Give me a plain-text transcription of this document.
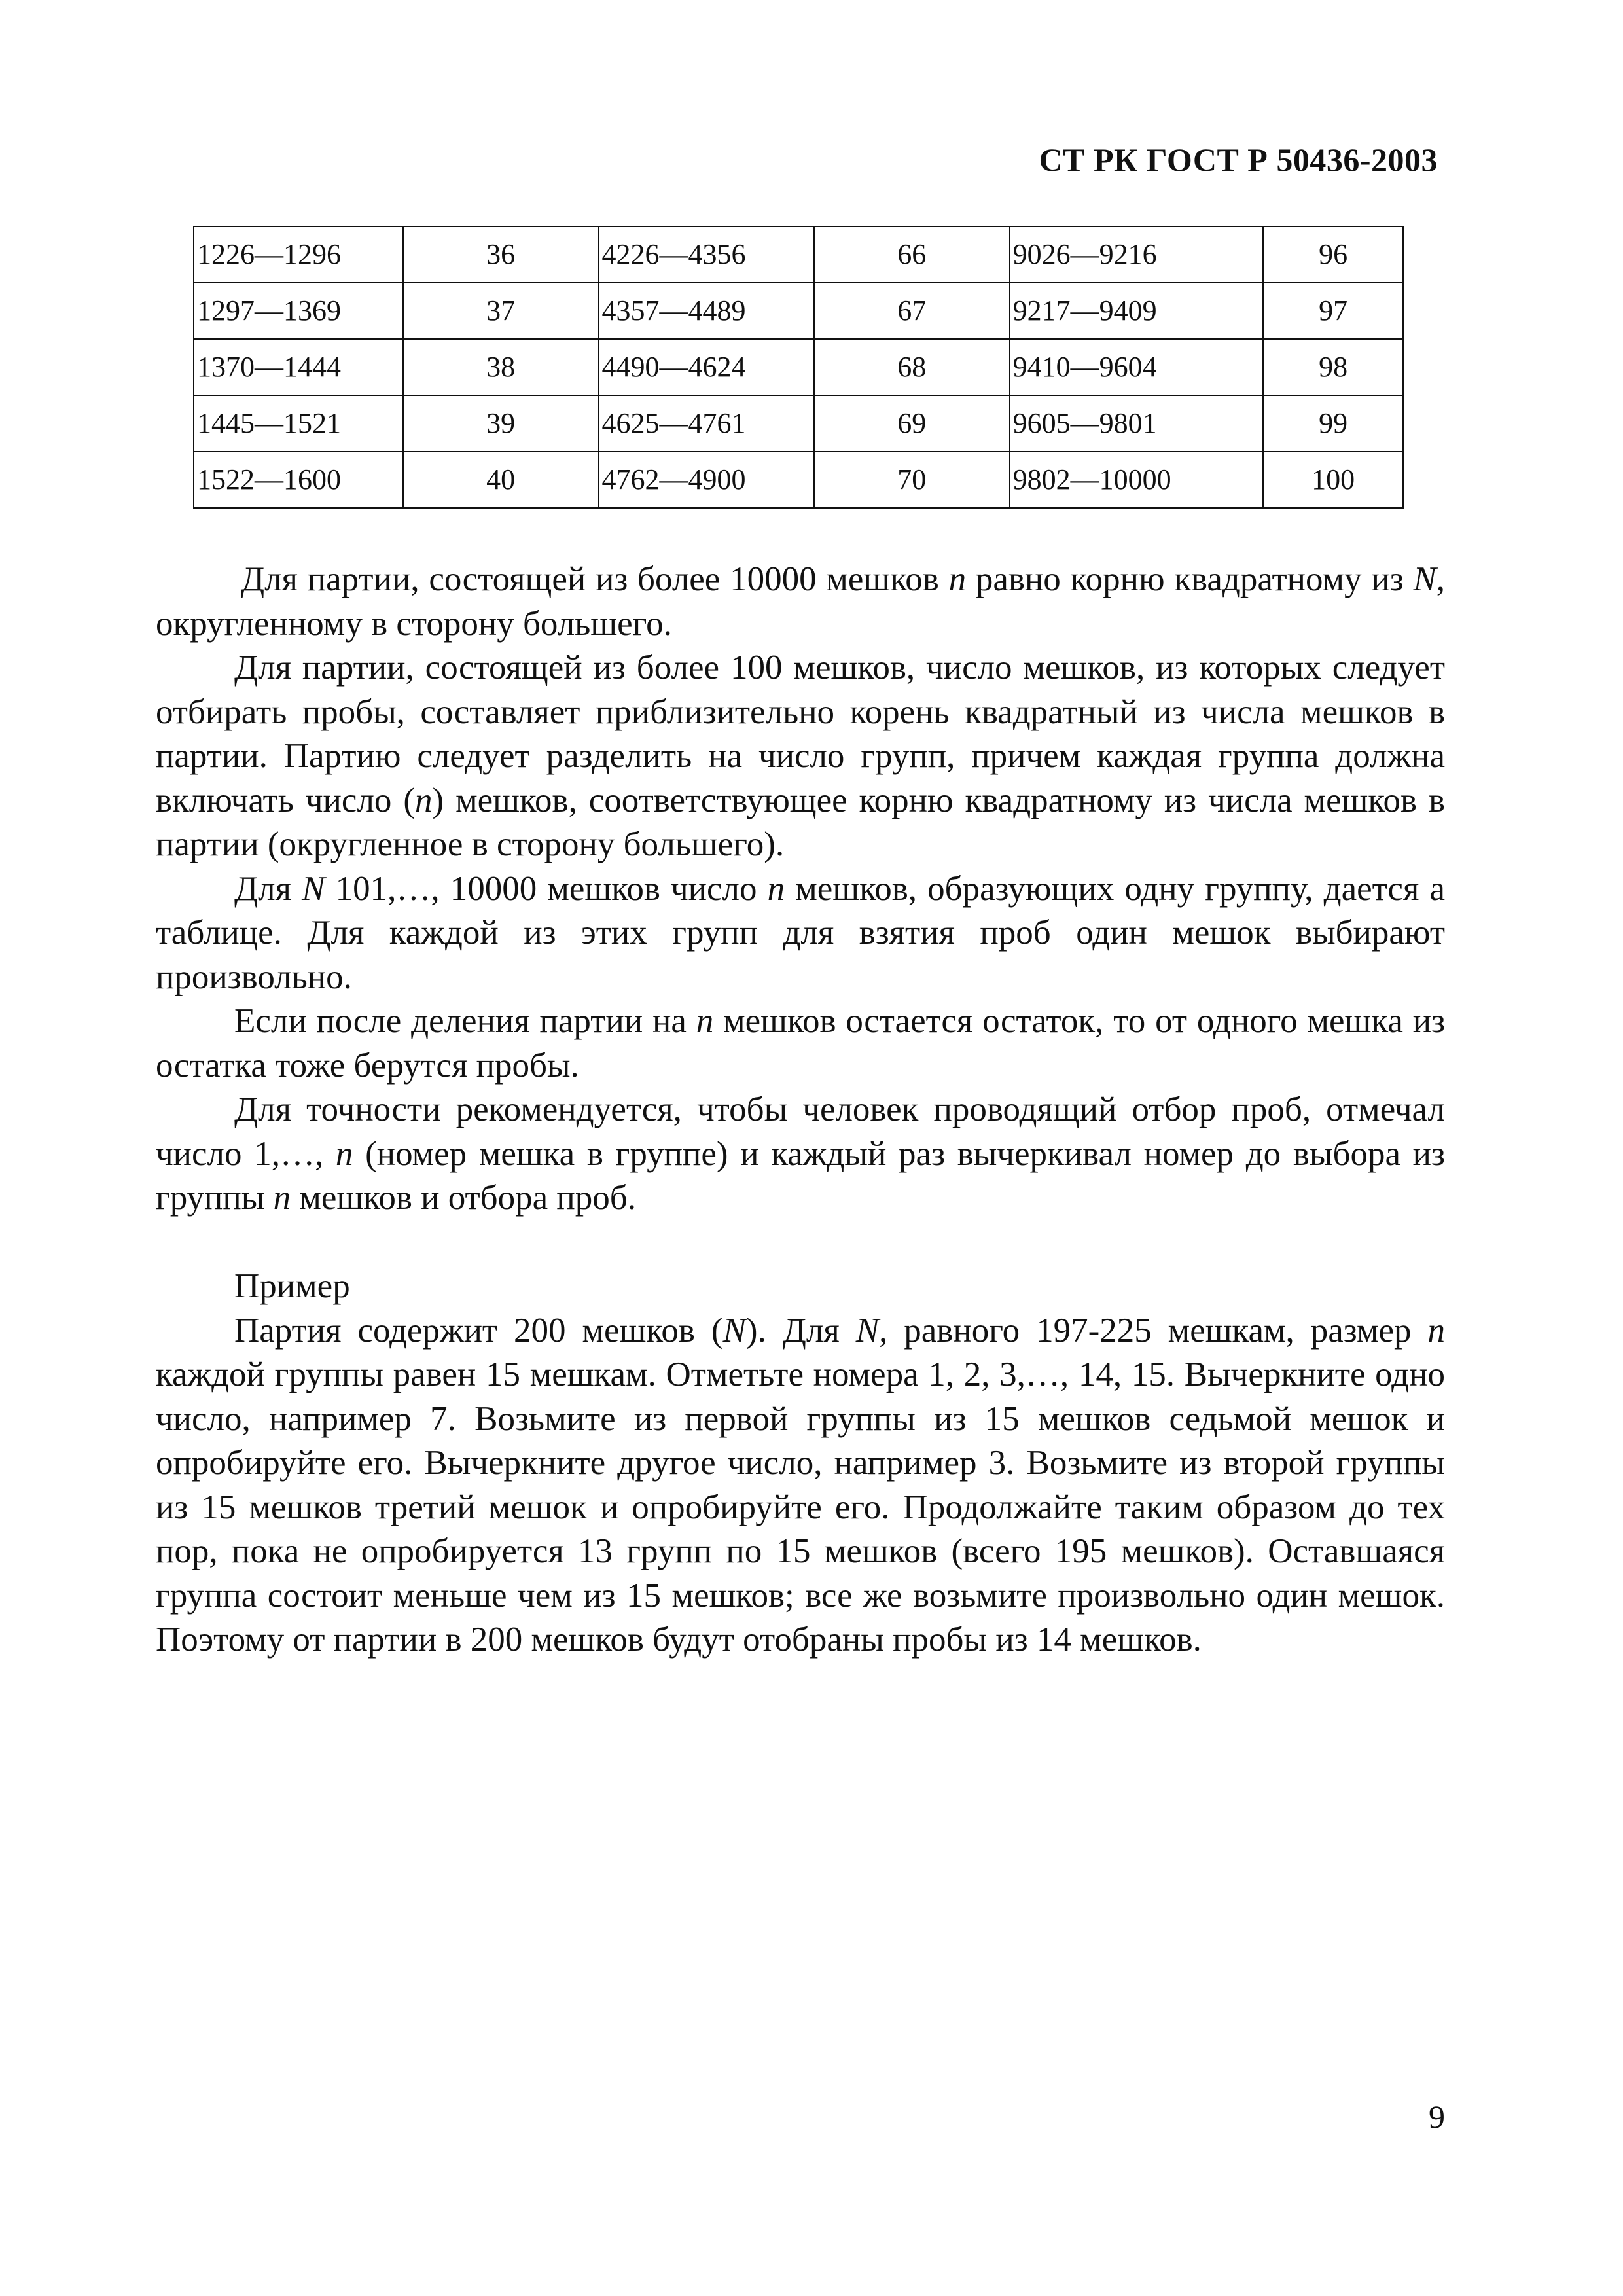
СТ РК ГОСТ Р 50436-2003
1226—1296	36	4226—4356	66	9026—9216	96
1297—1369	37	4357—4489	67	9217—9409	97
1370—1444	38	4490—4624	68	9410—9604	98
1445—1521	39	4625—4761	69	9605—9801	99
1522—1600	40	4762—4900	70	9802—10000	100

Для партии, состоящей из более 10000 мешков n равно корню квадратному из N, округленному в сторону большего.

Для партии, состоящей из более 100 мешков, число мешков, из которых следует отбирать пробы, составляет приблизительно корень квадратный из числа мешков в партии. Партию следует разделить на число групп, причем каждая группа должна включать число (n) мешков, соответствующее корню квадратному из числа мешков в партии (округленное в сторону большего).

Для N 101,…, 10000 мешков число n мешков, образующих одну группу, дается а таблице. Для каждой из этих групп для взятия проб один мешок выбирают произвольно.

Если после деления партии на n мешков остается остаток, то от одного мешка из остатка тоже берутся пробы.

Для точности рекомендуется, чтобы человек проводящий отбор проб, отмечал число 1,…, n (номер мешка в группе) и каждый раз вычеркивал номер до выбора из группы n мешков и отбора проб.

Пример

Партия содержит 200 мешков (N). Для N, равного 197-225 мешкам, размер n каждой группы равен 15 мешкам. Отметьте номера 1, 2, 3,…, 14, 15. Вычеркните одно число, например 7. Возьмите из первой группы из 15 мешков седьмой мешок и опробируйте его. Вычеркните другое число, например 3. Возьмите из второй группы из 15 мешков третий мешок и опробируйте его. Продолжайте таким образом до тех пор, пока не опробируется 13 групп по 15 мешков (всего 195 мешков). Оставшаяся группа состоит меньше чем из 15 мешков; все же возьмите произвольно один мешок. Поэтому от партии в 200 мешков будут отобраны пробы из 14 мешков.

9
